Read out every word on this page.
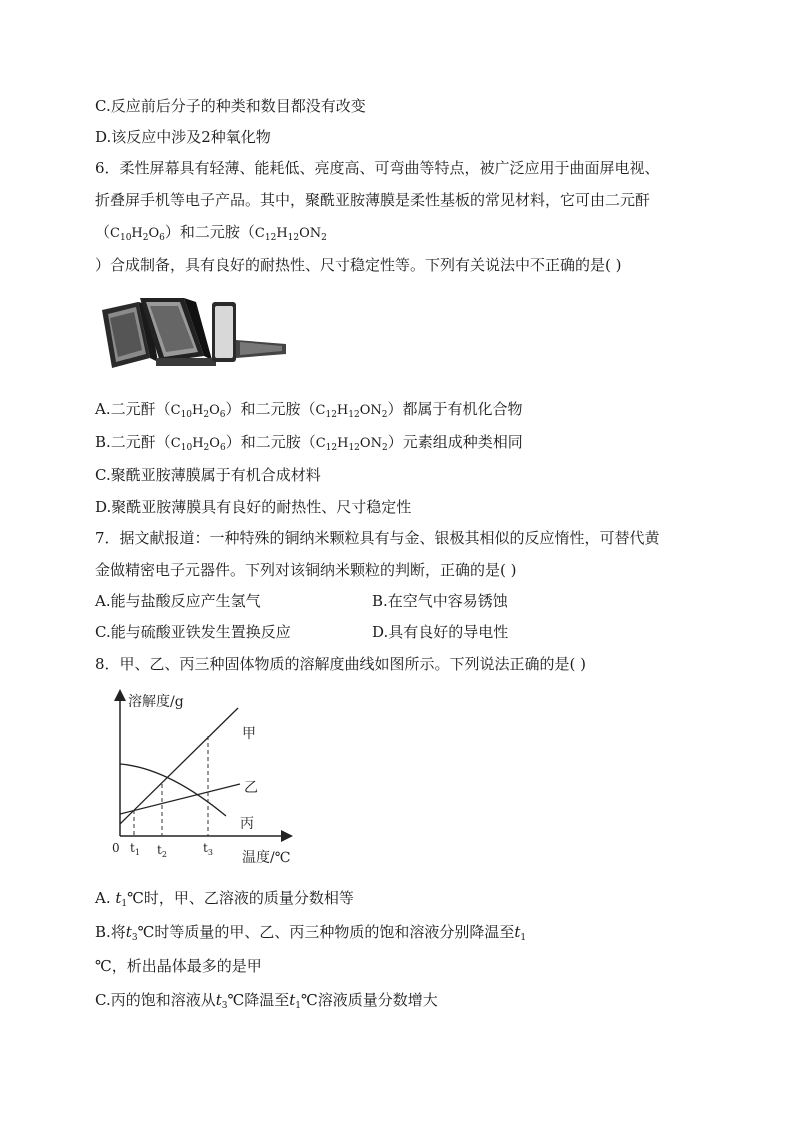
C.反应前后分子的种类和数目都没有改变
D.该反应中涉及2种氧化物
6．柔性屏幕具有轻薄、能耗低、亮度高、可弯曲等特点，被广泛应用于曲面屏电视、
折叠屏手机等电子产品。其中，聚酰亚胺薄膜是柔性基板的常见材料，它可由二元酐
$(C_{10}H_2O_6)$和二元胺（$C_{12}H_{12}ON_2$
）合成制备，具有良好的耐热性、尺寸稳定性等。下列有关说法中不正确的是( )
A.二元酐$(C_{10}H_2O_6)$和二元胺$(C_{12}H_{12}ON_2)$都属于有机化合物
B.二元酐$(C_{10}H_2O_6)$和二元胺$(C_{12}H_{12}ON_2)$元素组成种类相同
C.聚酰亚胺薄膜属于有机合成材料
D.聚酰亚胺薄膜具有良好的耐热性、尺寸稳定性
7．据文献报道：一种特殊的铜纳米颗粒具有与金、银极其相似的反应惰性，可替代黄
金做精密电子元器件。下列对该铜纳米颗粒的判断，正确的是( )
A.能与盐酸反应产生氢气	B.在空气中容易锈蚀
C.能与硫酸亚铁发生置换反应	D.具有良好的导电性
8．甲、乙、丙三种固体物质的溶解度曲线如图所示。下列说法正确的是( )
溶解度/g
甲
乙
丙
0 $t_1$ $t_2$	$t_3$ 温度/℃
A. $t_1℃$时，甲、乙溶液的质量分数相等
B.将$t_3℃$时等质量的甲、乙、丙三种物质的饱和溶液分别降温至$t_1$
℃，析出晶体最多的是甲
C.丙的饱和溶液从$t_3℃$降温至$t_1℃$溶液质量分数增大
